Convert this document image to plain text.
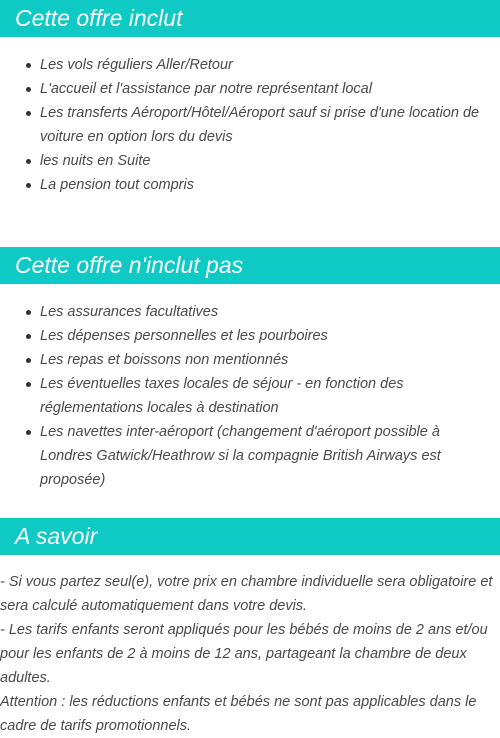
Cette offre inclut
Les vols réguliers Aller/Retour
L'accueil et l'assistance par notre représentant local
Les transferts Aéroport/Hôtel/Aéroport sauf si prise d'une location de voiture en option lors du devis
les nuits en Suite
La pension tout compris
Cette offre n'inclut pas
Les assurances facultatives
Les dépenses personnelles et les pourboires
Les repas et boissons non mentionnés
Les éventuelles taxes locales de séjour - en fonction des réglementations locales à destination
Les navettes inter-aéroport (changement d'aéroport possible à Londres Gatwick/Heathrow si la compagnie British Airways est proposée)
A savoir

- Si vous partez seul(e), votre prix en chambre individuelle sera obligatoire et sera calculé automatiquement dans votre devis.

- Les tarifs enfants seront appliqués pour les bébés de moins de 2 ans et/ou pour les enfants de 2 à moins de 12 ans, partageant la chambre de deux adultes.

Attention : les réductions enfants et bébés ne sont pas applicables dans le cadre de tarifs promotionnels.
